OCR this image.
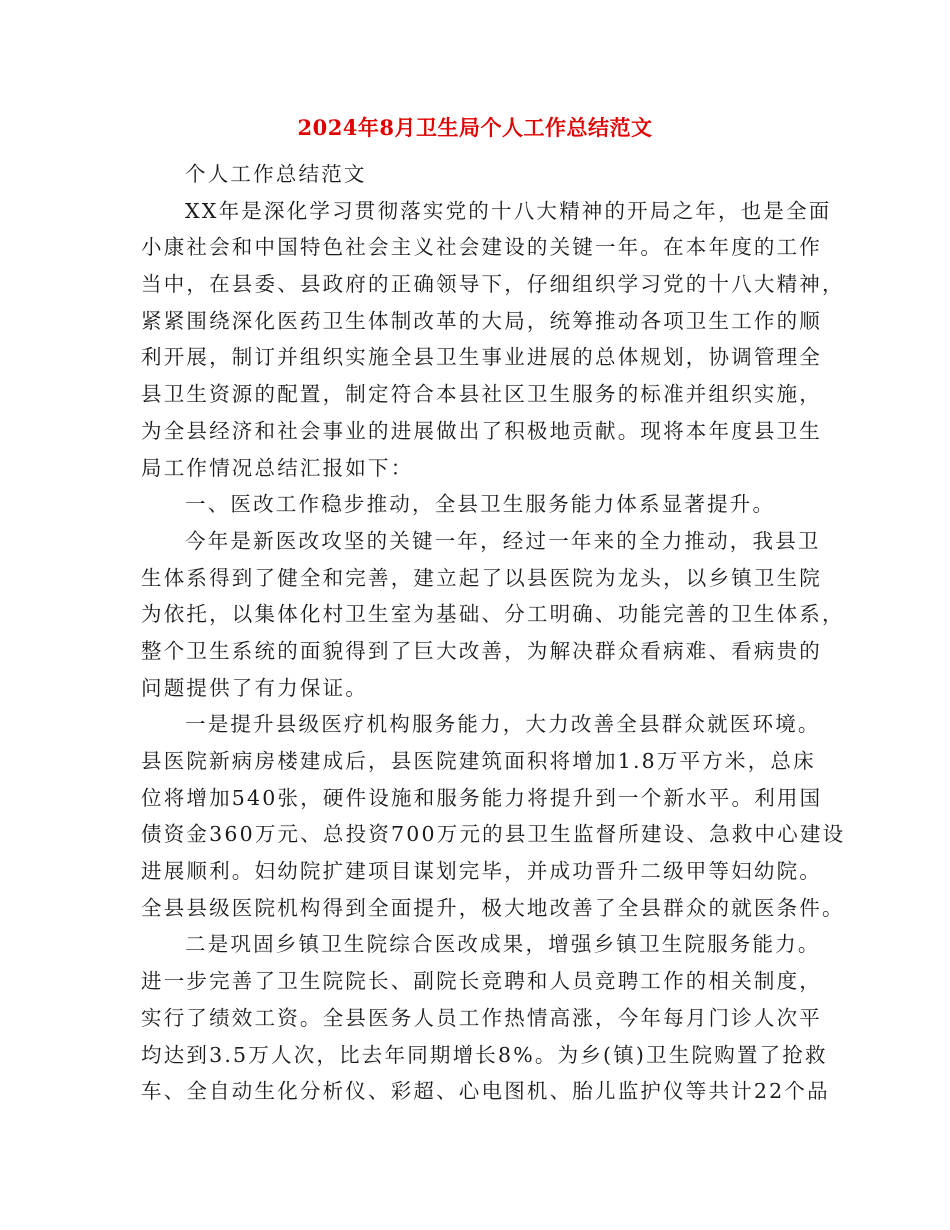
2024年8月卫生局个人工作总结范文
个人工作总结范文
XX年是深化学习贯彻落实党的十八大精神的开局之年，也是全面
小康社会和中国特色社会主义社会建设的关键一年。在本年度的工作
当中，在县委、县政府的正确领导下，仔细组织学习党的十八大精神，
紧紧围绕深化医药卫生体制改革的大局，统筹推动各项卫生工作的顺
利开展，制订并组织实施全县卫生事业进展的总体规划，协调管理全
县卫生资源的配置，制定符合本县社区卫生服务的标准并组织实施，
为全县经济和社会事业的进展做出了积极地贡献。现将本年度县卫生
局工作情况总结汇报如下：
一、医改工作稳步推动，全县卫生服务能力体系显著提升。
今年是新医改攻坚的关键一年，经过一年来的全力推动，我县卫
生体系得到了健全和完善，建立起了以县医院为龙头，以乡镇卫生院
为依托，以集体化村卫生室为基础、分工明确、功能完善的卫生体系，
整个卫生系统的面貌得到了巨大改善，为解决群众看病难、看病贵的
问题提供了有力保证。
一是提升县级医疗机构服务能力，大力改善全县群众就医环境。
县医院新病房楼建成后，县医院建筑面积将增加1.8万平方米，总床
位将增加540张，硬件设施和服务能力将提升到一个新水平。利用国
债资金360万元、总投资700万元的县卫生监督所建设、急救中心建设
进展顺利。妇幼院扩建项目谋划完毕，并成功晋升二级甲等妇幼院。
全县县级医院机构得到全面提升，极大地改善了全县群众的就医条件。
二是巩固乡镇卫生院综合医改成果，增强乡镇卫生院服务能力。
进一步完善了卫生院院长、副院长竞聘和人员竞聘工作的相关制度，
实行了绩效工资。全县医务人员工作热情高涨，今年每月门诊人次平
均达到3.5万人次，比去年同期增长8%。为乡(镇)卫生院购置了抢救
车、全自动生化分析仪、彩超、心电图机、胎儿监护仪等共计22个品
